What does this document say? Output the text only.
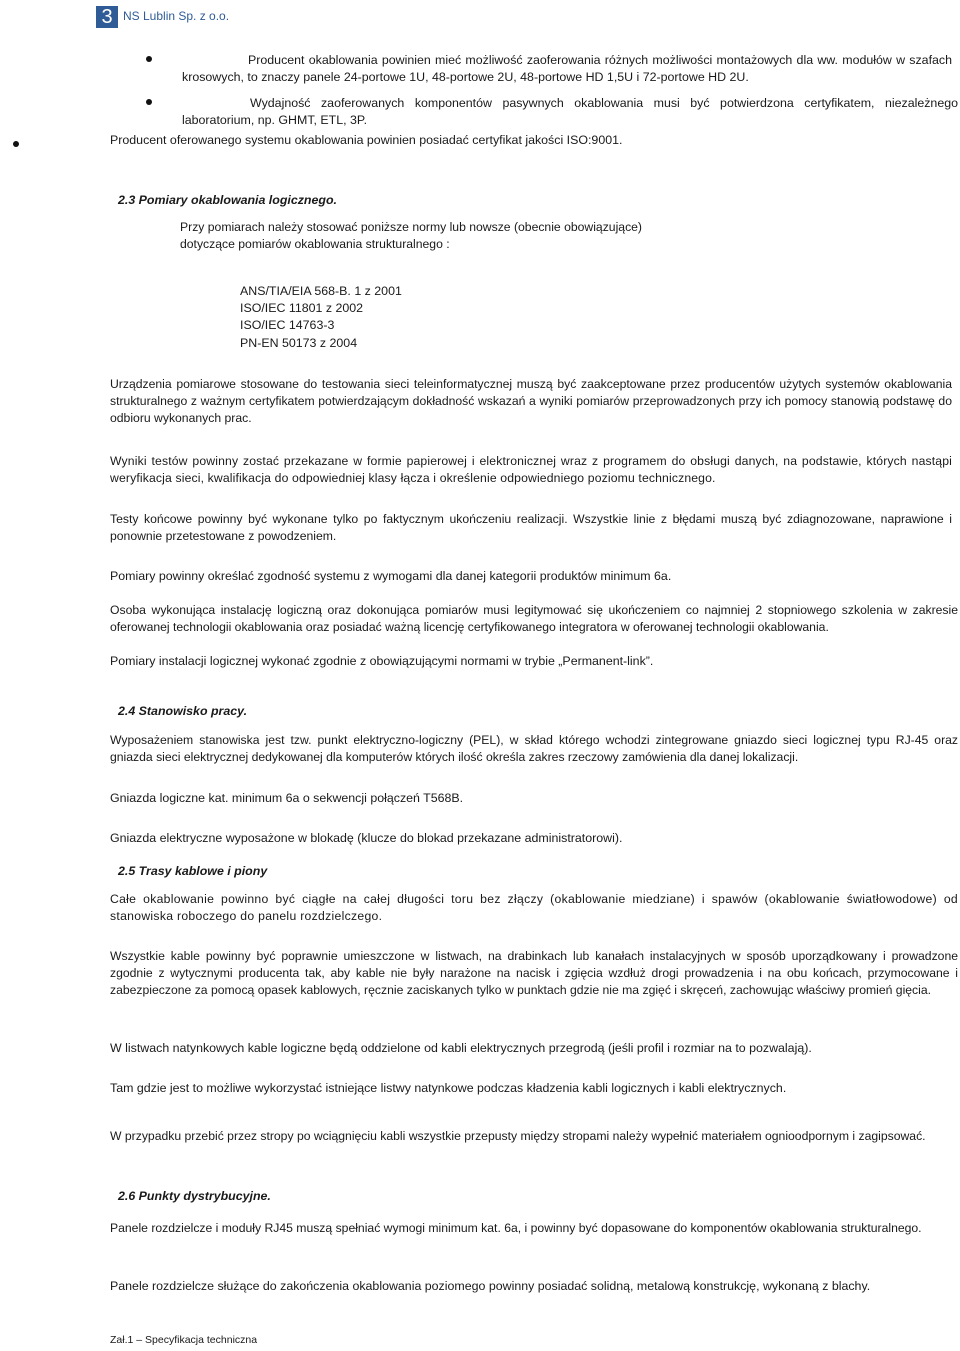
3 NS Lublin Sp. z o.o.
Producent okablowania powinien mieć możliwość zaoferowania różnych możliwości montażowych dla ww. modułów w szafach krosowych, to znaczy panele 24-portowe 1U, 48-portowe 2U, 48-portowe HD 1,5U i 72-portowe HD 2U.
Wydajność zaoferowanych komponentów pasywnych okablowania musi być potwierdzona certyfikatem, niezależnego laboratorium, np. GHMT, ETL, 3P.
Producent oferowanego systemu okablowania powinien posiadać certyfikat jakości ISO:9001.
2.3 Pomiary okablowania logicznego.
Przy pomiarach należy stosować poniższe normy lub nowsze (obecnie obowiązujące) dotyczące pomiarów okablowania strukturalnego :
ANS/TIA/EIA 568-B. 1 z 2001
ISO/IEC 11801 z 2002
ISO/IEC 14763-3
PN-EN 50173 z 2004
Urządzenia pomiarowe stosowane do testowania sieci teleinformatycznej muszą być zaakceptowane przez producentów użytych systemów okablowania strukturalnego z ważnym certyfikatem potwierdzającym dokładność wskazań a wyniki pomiarów przeprowadzonych przy ich pomocy stanowią podstawę do odbioru wykonanych prac.
Wyniki testów powinny zostać przekazane w formie papierowej i elektronicznej wraz z programem do obsługi danych, na podstawie, których nastąpi weryfikacja sieci, kwalifikacja do odpowiedniej klasy łącza i określenie odpowiedniego poziomu technicznego.
Testy końcowe powinny być wykonane tylko po faktycznym ukończeniu realizacji. Wszystkie linie z błędami muszą być zdiagnozowane, naprawione i ponownie przetestowane z powodzeniem.
Pomiary powinny określać zgodność systemu z wymogami dla danej kategorii produktów minimum 6a.
Osoba wykonująca instalację logiczną oraz dokonująca pomiarów musi legitymować się ukończeniem co najmniej 2 stopniowego szkolenia w zakresie oferowanej technologii okablowania oraz posiadać ważną licencję certyfikowanego integratora w oferowanej technologii okablowania.
Pomiary instalacji logicznej wykonać zgodnie z obowiązującymi normami w trybie „Permanent-link”.
2.4 Stanowisko pracy.
Wyposażeniem stanowiska jest tzw. punkt elektryczno-logiczny (PEL), w skład którego wchodzi zintegrowane gniazdo sieci logicznej typu RJ-45 oraz gniazda sieci elektrycznej dedykowanej dla komputerów których ilość określa zakres rzeczowy zamówienia dla danej lokalizacji.
Gniazda logiczne kat. minimum 6a o sekwencji połączeń T568B.
Gniazda elektryczne wyposażone w blokadę (klucze do blokad przekazane administratorowi).
2.5 Trasy kablowe i piony
Całe okablowanie powinno być ciągłe na całej długości toru bez złączy (okablowanie miedziane) i spawów (okablowanie światłowodowe) od stanowiska roboczego do panelu rozdzielczego.
Wszystkie kable powinny być poprawnie umieszczone w listwach, na drabinkach lub kanałach instalacyjnych w sposób uporządkowany i prowadzone zgodnie z wytycznymi producenta tak, aby kable nie były narażone na nacisk i zgięcia wzdłuż drogi prowadzenia i na obu końcach, przymocowane i zabezpieczone za pomocą opasek kablowych, ręcznie zaciskanych tylko w punktach gdzie nie ma zgięć i skręceń, zachowując właściwy promień gięcia.
W listwach natynkowych kable logiczne będą oddzielone od kabli elektrycznych przegrodą (jeśli profil i rozmiar na to pozwalają).
Tam gdzie jest to możliwe wykorzystać istniejące listwy natynkowe podczas kładzenia kabli logicznych i kabli elektrycznych.
W przypadku przebić przez stropy po wciągnięciu kabli wszystkie przepusty między stropami należy wypełnić materiałem ognioodpornym i zagipsować.
2.6 Punkty dystrybucyjne.
Panele rozdzielcze i moduły RJ45 muszą spełniać wymogi minimum kat. 6a, i powinny być dopasowane do komponentów okablowania strukturalnego.
Panele rozdzielcze służące do zakończenia okablowania poziomego powinny posiadać solidną, metalową konstrukcję, wykonaną z blachy.
Zał.1 – Specyfikacja techniczna
